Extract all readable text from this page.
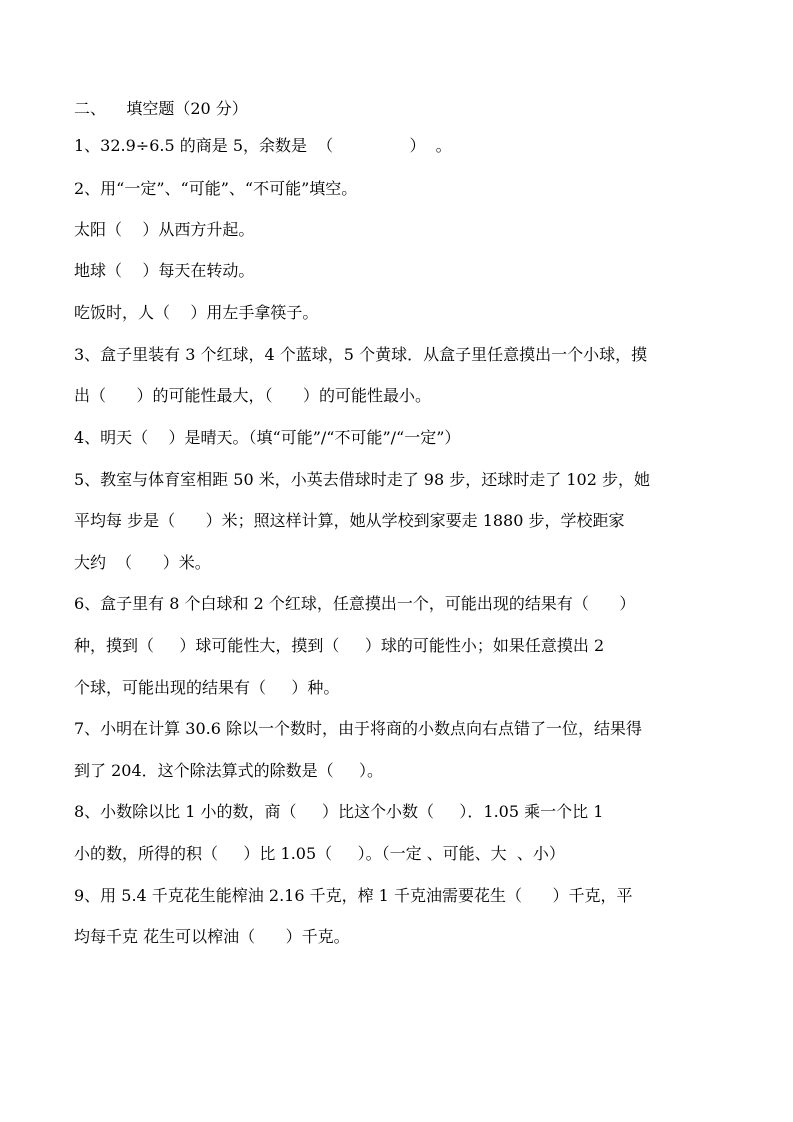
二、    填空题（20 分）
1、32.9÷6.5 的商是 5，余数是  （               ）  。
2、用“一定”、“可能”、“不可能”填空。
太阳（    ）从西方升起。
地球（    ）每天在转动。
吃饭时，人（    ）用左手拿筷子。
3、盒子里装有 3 个红球，4 个蓝球，5 个黄球．从盒子里任意摸出一个小球，摸
出（      ）的可能性最大，（      ）的可能性最小。
4、明天（    ）是晴天。（填“可能”/“不可能”/“一定”）
5、教室与体育室相距 50 米，小英去借球时走了 98 步，还球时走了 102 步，她
平均每 步是（      ）米；照这样计算，她从学校到家要走 1880 步，学校距家
大约  （      ）米。
6、盒子里有 8 个白球和 2 个红球，任意摸出一个，可能出现的结果有（      ）
种，摸到（     ）球可能性大，摸到（     ）球的可能性小；如果任意摸出 2
个球，可能出现的结果有（     ）种。
7、小明在计算 30.6 除以一个数时，由于将商的小数点向右点错了一位，结果得
到了 204．这个除法算式的除数是（     ）。
8、小数除以比 1 小的数，商（     ）比这个小数（     ）．1.05 乘一个比 1
小的数，所得的积（     ）比 1.05（     ）。（一定 、可能、大  、小）
9、用 5.4 千克花生能榨油 2.16 千克，榨 1 千克油需要花生（      ）千克，平
均每千克 花生可以榨油（      ）千克。
